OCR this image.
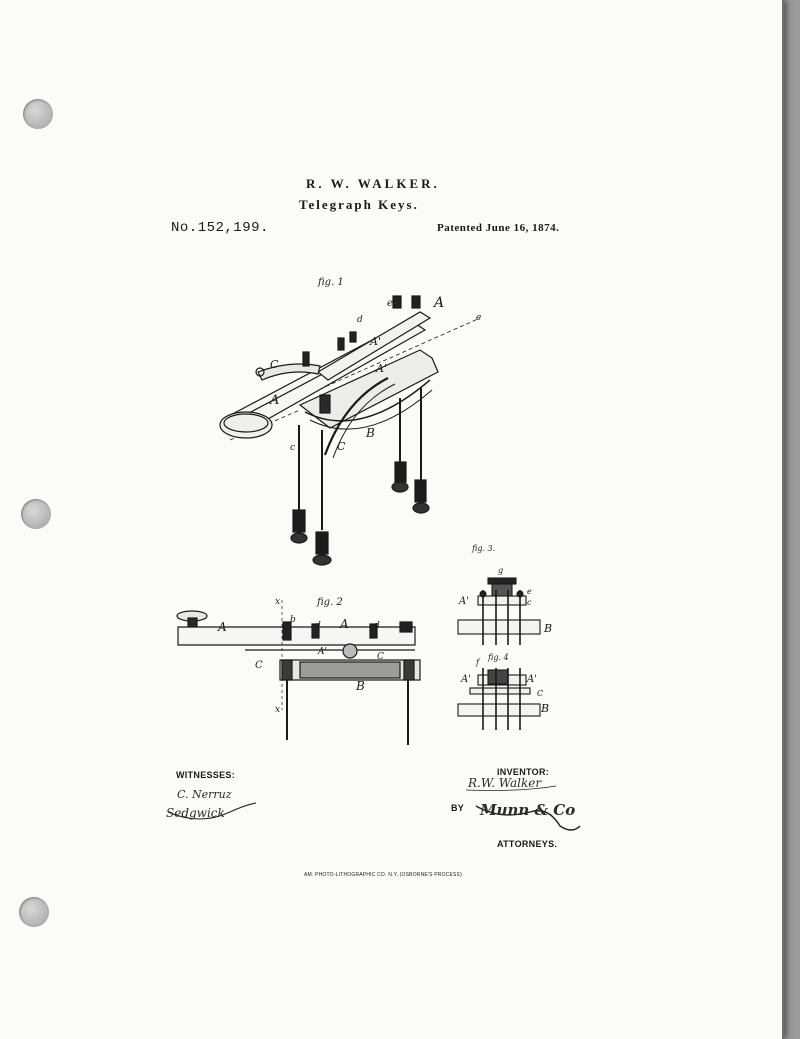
R. W. WALKER.
Telegraph Keys.
No.152,199.	Patented June 16, 1874.
fig. 1
fig. 2
fig. 3.
fig. 4
A
b
e
A'
A'
C
A
C
B
c
e
d
A	A
A'
B
C
C
b
d	d
x
x
A'
B
e
c
g
A'	A'
B
C
f
WITNESSES:
C. Nerruz
Sedgwick
INVENTOR:
R.W. Walker
BY Munn & Co
ATTORNEYS.
AM. PHOTO-LITHOGRAPHIC CO. N.Y. (OSBORNE'S PROCESS)
